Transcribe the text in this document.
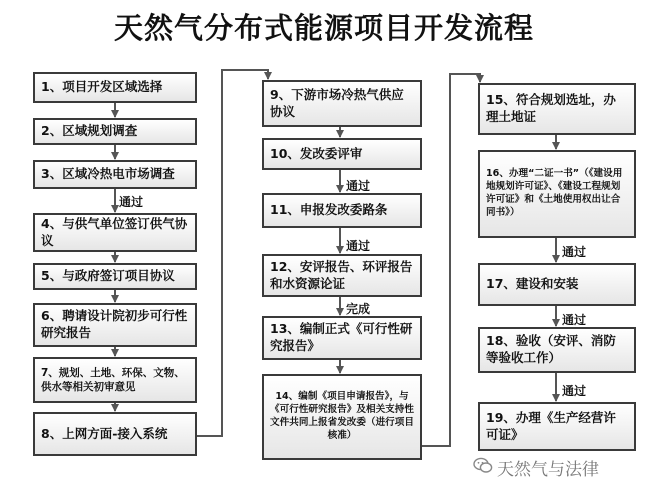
天然气分布式能源项目开发流程
1、项目开发区域选择
2、区域规划调查
3、区域冷热电市场调查
4、与供气单位签订供气协议
5、与政府签订项目协议
6、聘请设计院初步可行性研究报告
7、规划、土地、环保、文物、供水等相关初审意见
8、上网方面-接入系统
通过
9、下游市场冷热气供应协议
10、发改委评审
11、申报发改委路条
12、安评报告、环评报告和水资源论证
13、编制正式《可行性研究报告》
14、编制《项目申请报告》，与《可行性研究报告》及相关支持性文件共同上报省发改委（进行项目核准）
通过
通过
完成
15、符合规划选址，办理土地证
16、办理“二证一书”（《建设用地规划许可证》、《建设工程规划许可证》和《土地使用权出让合同书》）
17、建设和安装
18、验收（安评、消防等验收工作）
19、办理《生产经营许可证》
通过
通过
通过
天然气与法律
